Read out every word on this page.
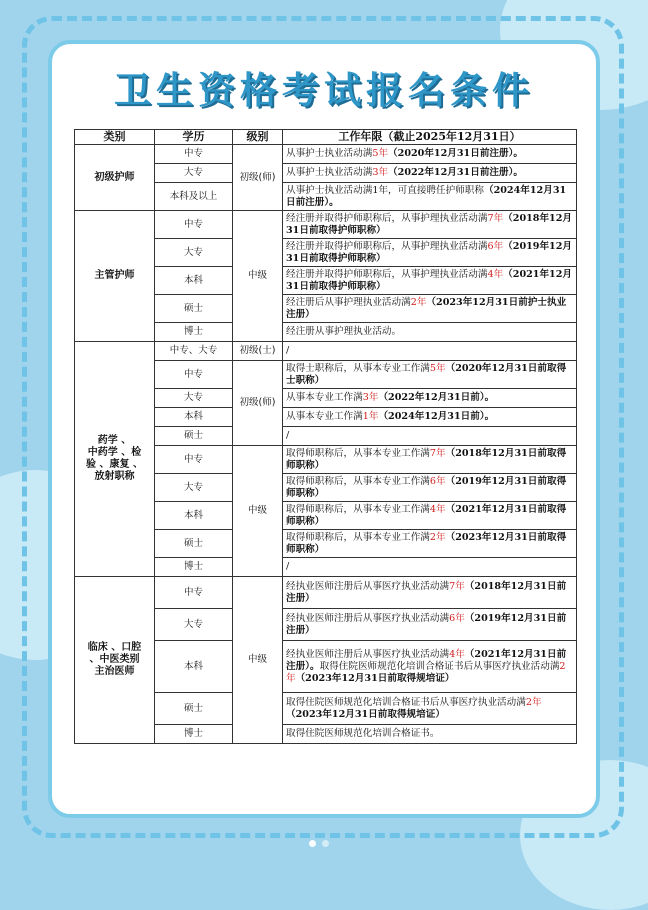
卫生资格考试报名条件
类别	学历	级别	工作年限（截止2025年12月31日）

初级护师	中专	初级(师)	从事护士执业活动满5年（2020年12月31日前注册）。
	大专		从事护士执业活动满3年（2022年12月31日前注册）。
	本科及以上		从事护士执业活动满1年，可直接聘任护师职称（2024年12月31日前注册）。

主管护师	中专	中级	经注册并取得护师职称后，从事护理执业活动满7年（2018年12月31日前取得护师职称）
	大专		经注册并取得护师职称后，从事护理执业活动满6年（2019年12月31日前取得护师职称）
	本科		经注册并取得护师职称后，从事护理执业活动满4年（2021年12月31日前取得护师职称）
	硕士		经注册后从事护理执业活动满2年（2023年12月31日前护士执业注册）
	博士		经注册从事护理执业活动。

药学 、
中药学 、检
验 、康复 、
放射职称	中专、大专	初级(士)	/
	中专	初级(师)	取得士职称后，从事本专业工作满5年（2020年12月31日前取得士职称）
	大专		从事本专业工作满3年（2022年12月31日前）。
	本科		从事本专业工作满1年（2024年12月31日前）。
	硕士		/
	中专	中级	取得师职称后，从事本专业工作满7年（2018年12月31日前取得师职称）
	大专		取得师职称后，从事本专业工作满6年（2019年12月31日前取得师职称）
	本科		取得师职称后，从事本专业工作满4年（2021年12月31日前取得师职称）
	硕士		取得师职称后，从事本专业工作满2年（2023年12月31日前取得师职称）
	博士		/

临床 、口腔
、中医类别
主治医师	中专	中级	经执业医师注册后从事医疗执业活动满7年（2018年12月31日前注册）
	大专		经执业医师注册后从事医疗执业活动满6年（2019年12月31日前注册）
	本科		经执业医师注册后从事医疗执业活动满4年（2021年12月31日前注册）。取得住院医师规范化培训合格证书后从事医疗执业活动满2年（2023年12月31日前取得规培证）
	硕士		取得住院医师规范化培训合格证书后从事医疗执业活动满2年（2023年12月31日前取得规培证）
	博士		取得住院医师规范化培训合格证书。
